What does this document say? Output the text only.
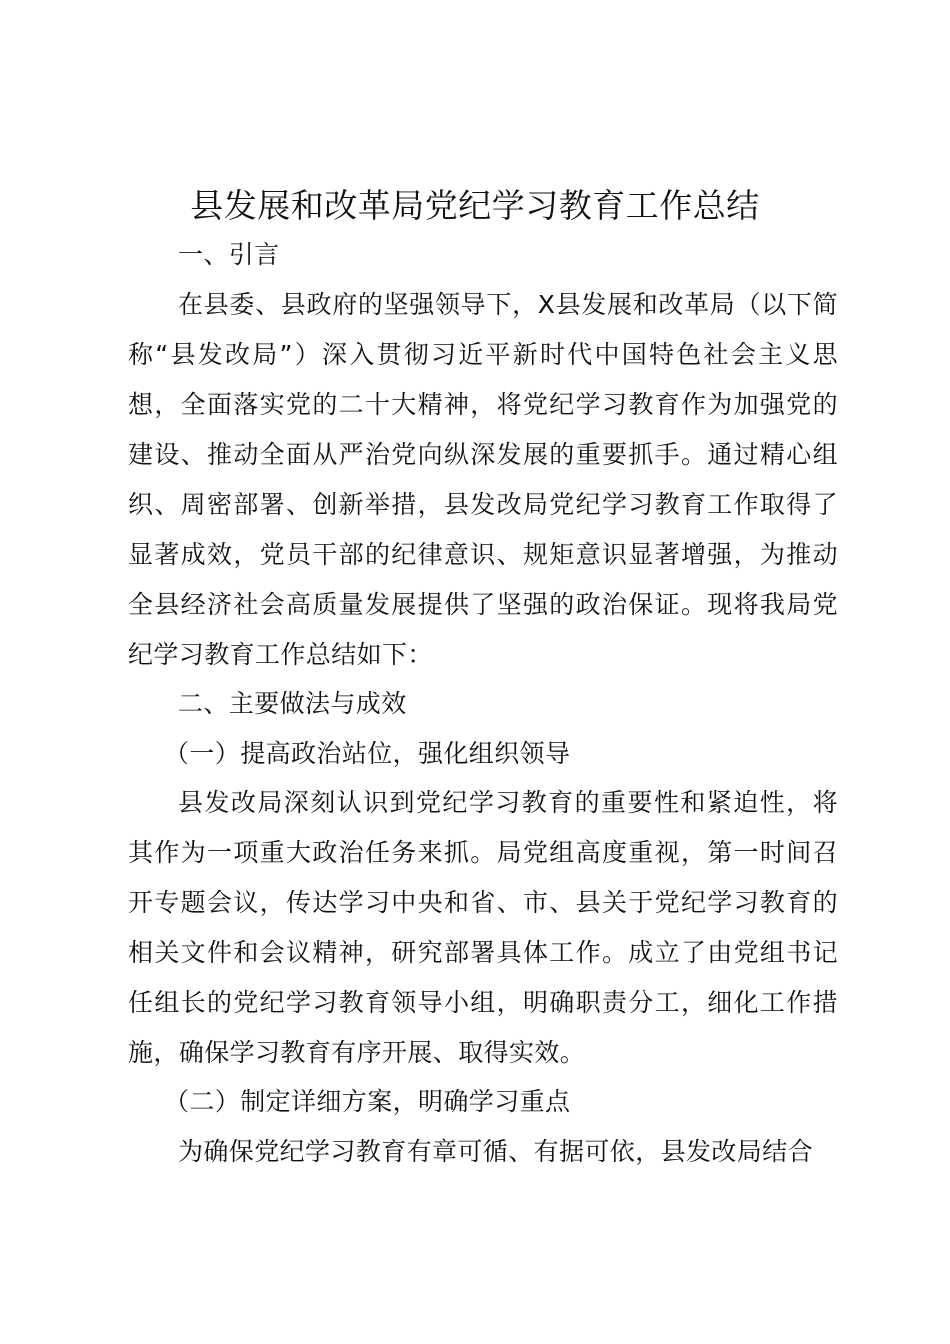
县发展和改革局党纪学习教育工作总结
一、引言
在县委、县政府的坚强领导下，X县发展和改革局（以下简称“县发改局”）深入贯彻习近平新时代中国特色社会主义思想，全面落实党的二十大精神，将党纪学习教育作为加强党的建设、推动全面从严治党向纵深发展的重要抓手。通过精心组织、周密部署、创新举措，县发改局党纪学习教育工作取得了显著成效，党员干部的纪律意识、规矩意识显著增强，为推动全县经济社会高质量发展提供了坚强的政治保证。现将我局党纪学习教育工作总结如下：
二、主要做法与成效
（一）提高政治站位，强化组织领导
县发改局深刻认识到党纪学习教育的重要性和紧迫性，将其作为一项重大政治任务来抓。局党组高度重视，第一时间召开专题会议，传达学习中央和省、市、县关于党纪学习教育的相关文件和会议精神，研究部署具体工作。成立了由党组书记任组长的党纪学习教育领导小组，明确职责分工，细化工作措施，确保学习教育有序开展、取得实效。
（二）制定详细方案，明确学习重点
为确保党纪学习教育有章可循、有据可依，县发改局结合
